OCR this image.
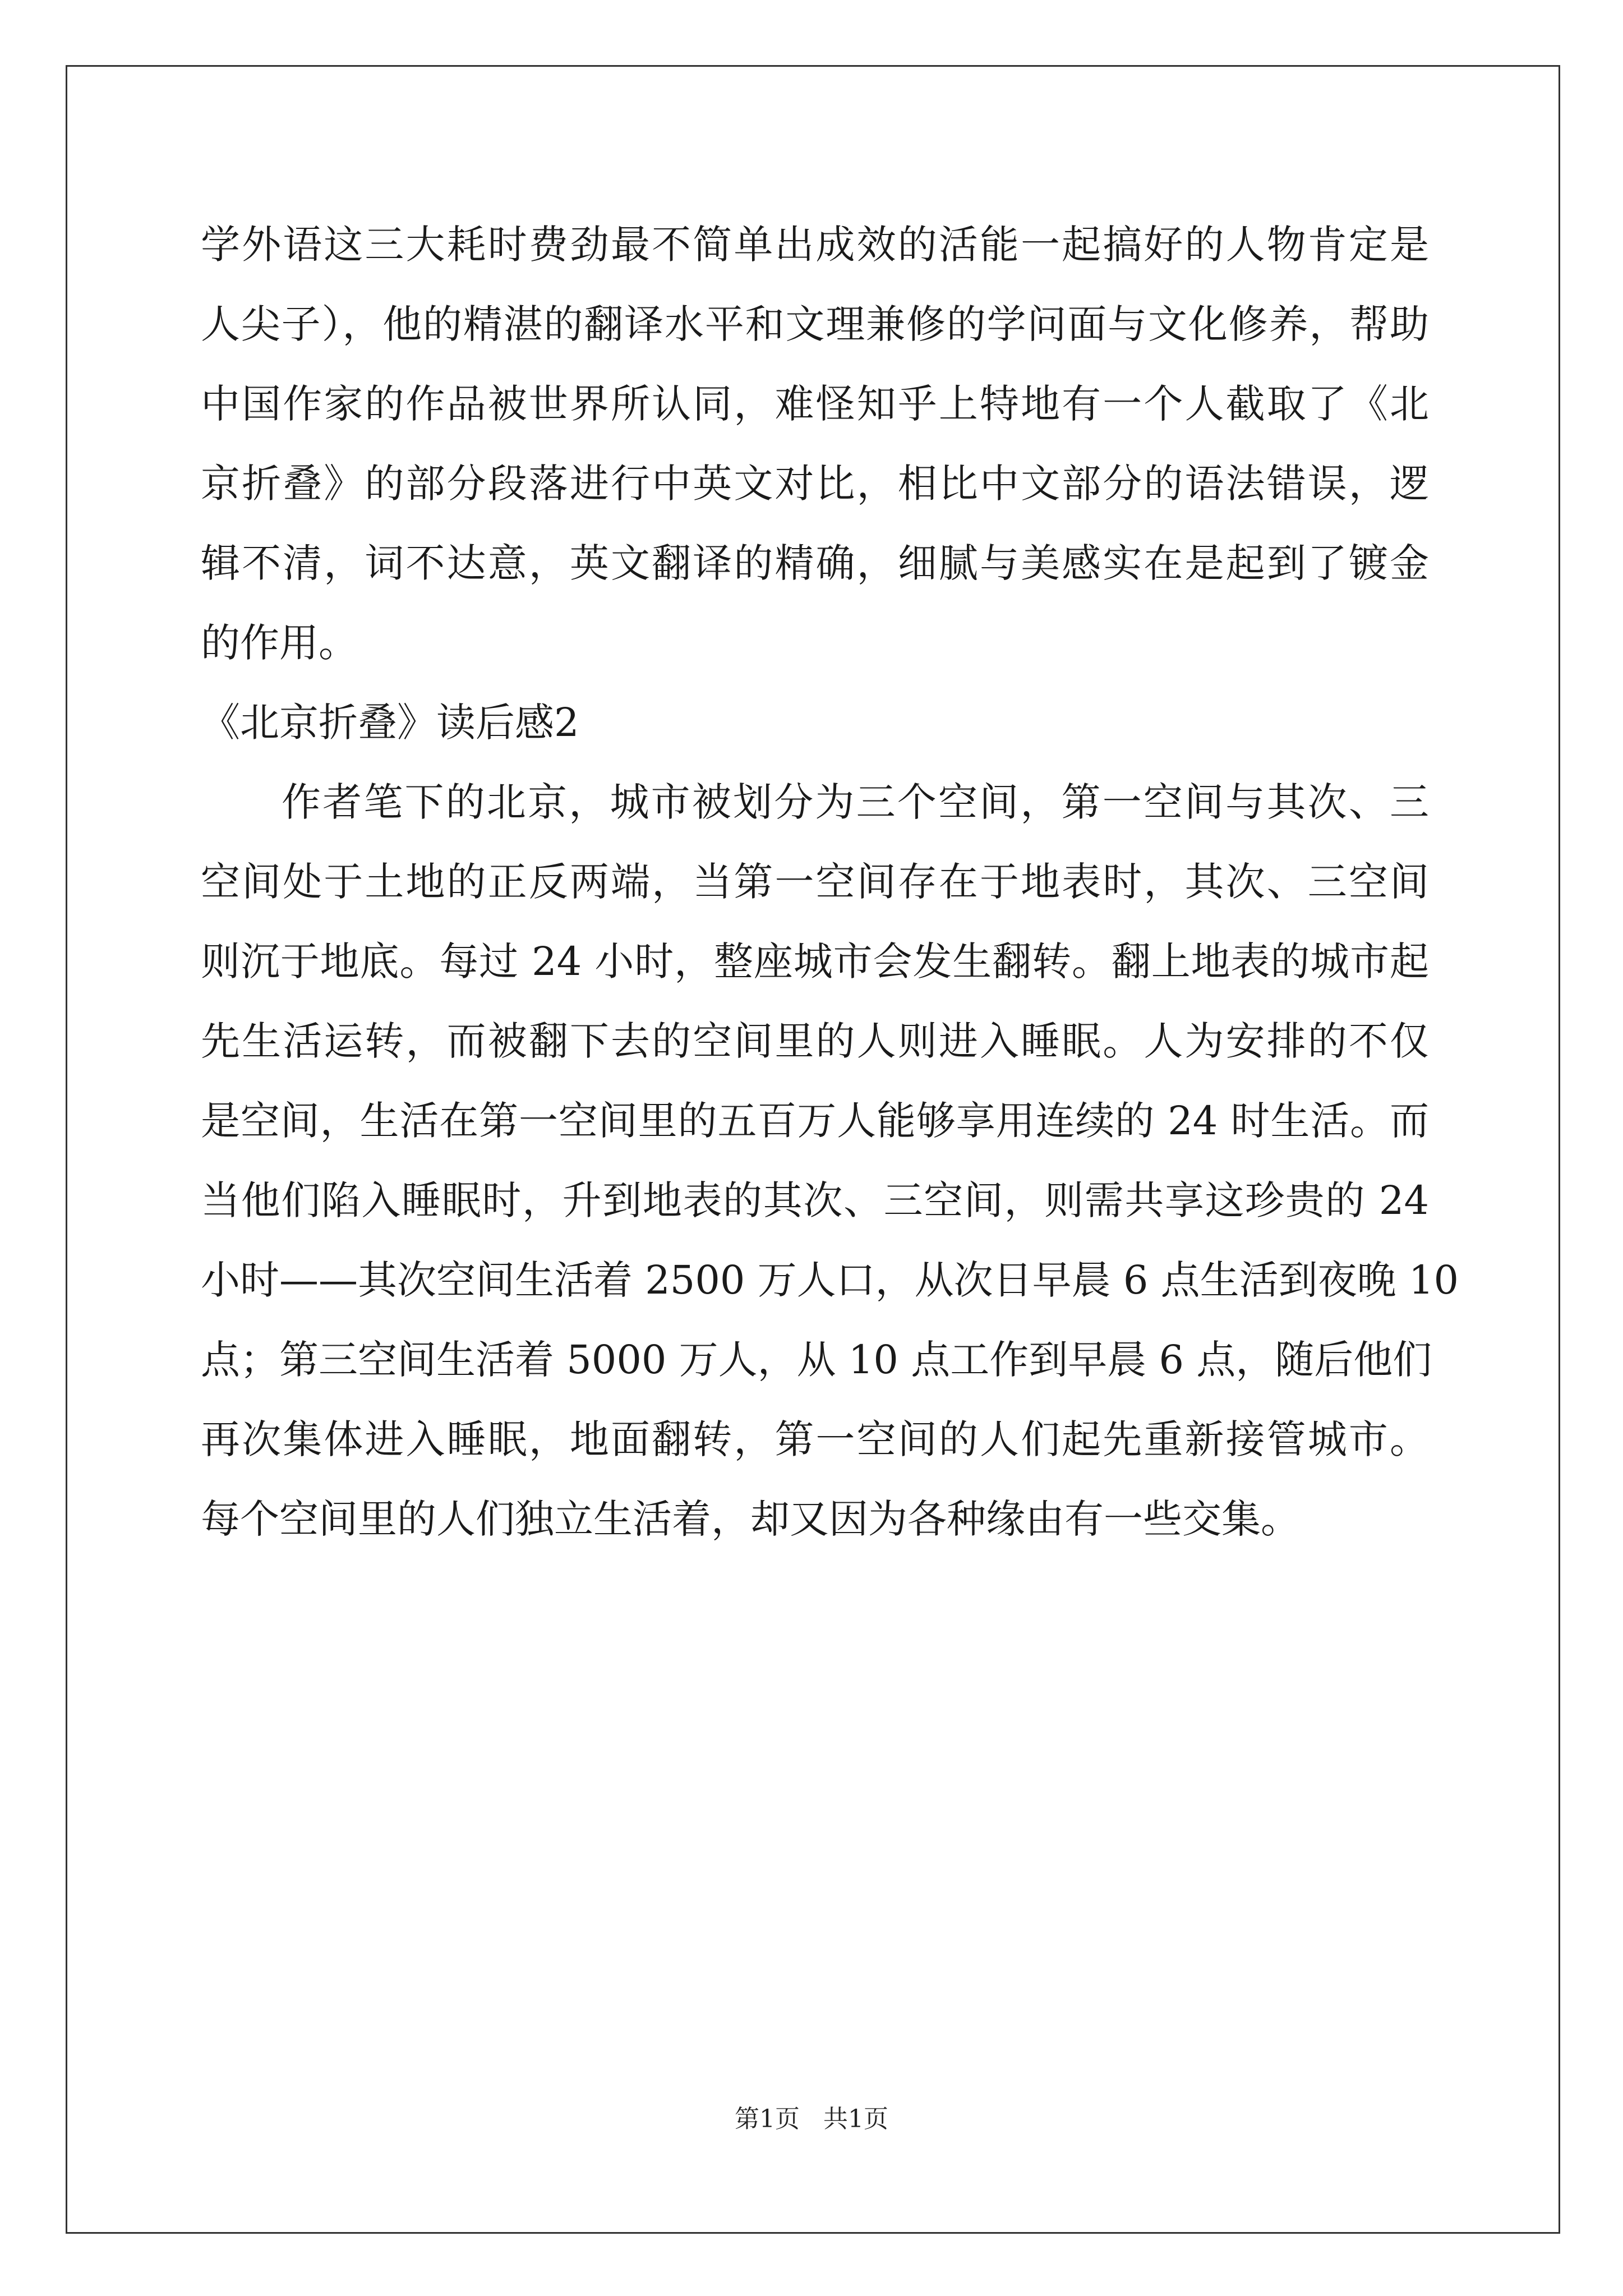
学外语这三大耗时费劲最不简单出成效的活能一起搞好的人物肯定是

人尖子），他的精湛的翻译水平和文理兼修的学问面与文化修养，帮助

中国作家的作品被世界所认同，难怪知乎上特地有一个人截取了《北

京折叠》的部分段落进行中英文对比，相比中文部分的语法错误，逻

辑不清，词不达意，英文翻译的精确，细腻与美感实在是起到了镀金

的作用。

《北京折叠》读后感2

作者笔下的北京，城市被划分为三个空间，第一空间与其次、三

空间处于土地的正反两端，当第一空间存在于地表时，其次、三空间

则沉于地底。每过 24 小时，整座城市会发生翻转。翻上地表的城市起

先生活运转，而被翻下去的空间里的人则进入睡眠。人为安排的不仅

是空间，生活在第一空间里的五百万人能够享用连续的 24 时生活。而

当他们陷入睡眠时，升到地表的其次、三空间，则需共享这珍贵的 24

小时——其次空间生活着 2500 万人口，从次日早晨 6 点生活到夜晚 10

点；第三空间生活着 5000 万人，从 10 点工作到早晨 6 点，随后他们

再次集体进入睡眠，地面翻转，第一空间的人们起先重新接管城市。

每个空间里的人们独立生活着，却又因为各种缘由有一些交集。

第1页 共1页
